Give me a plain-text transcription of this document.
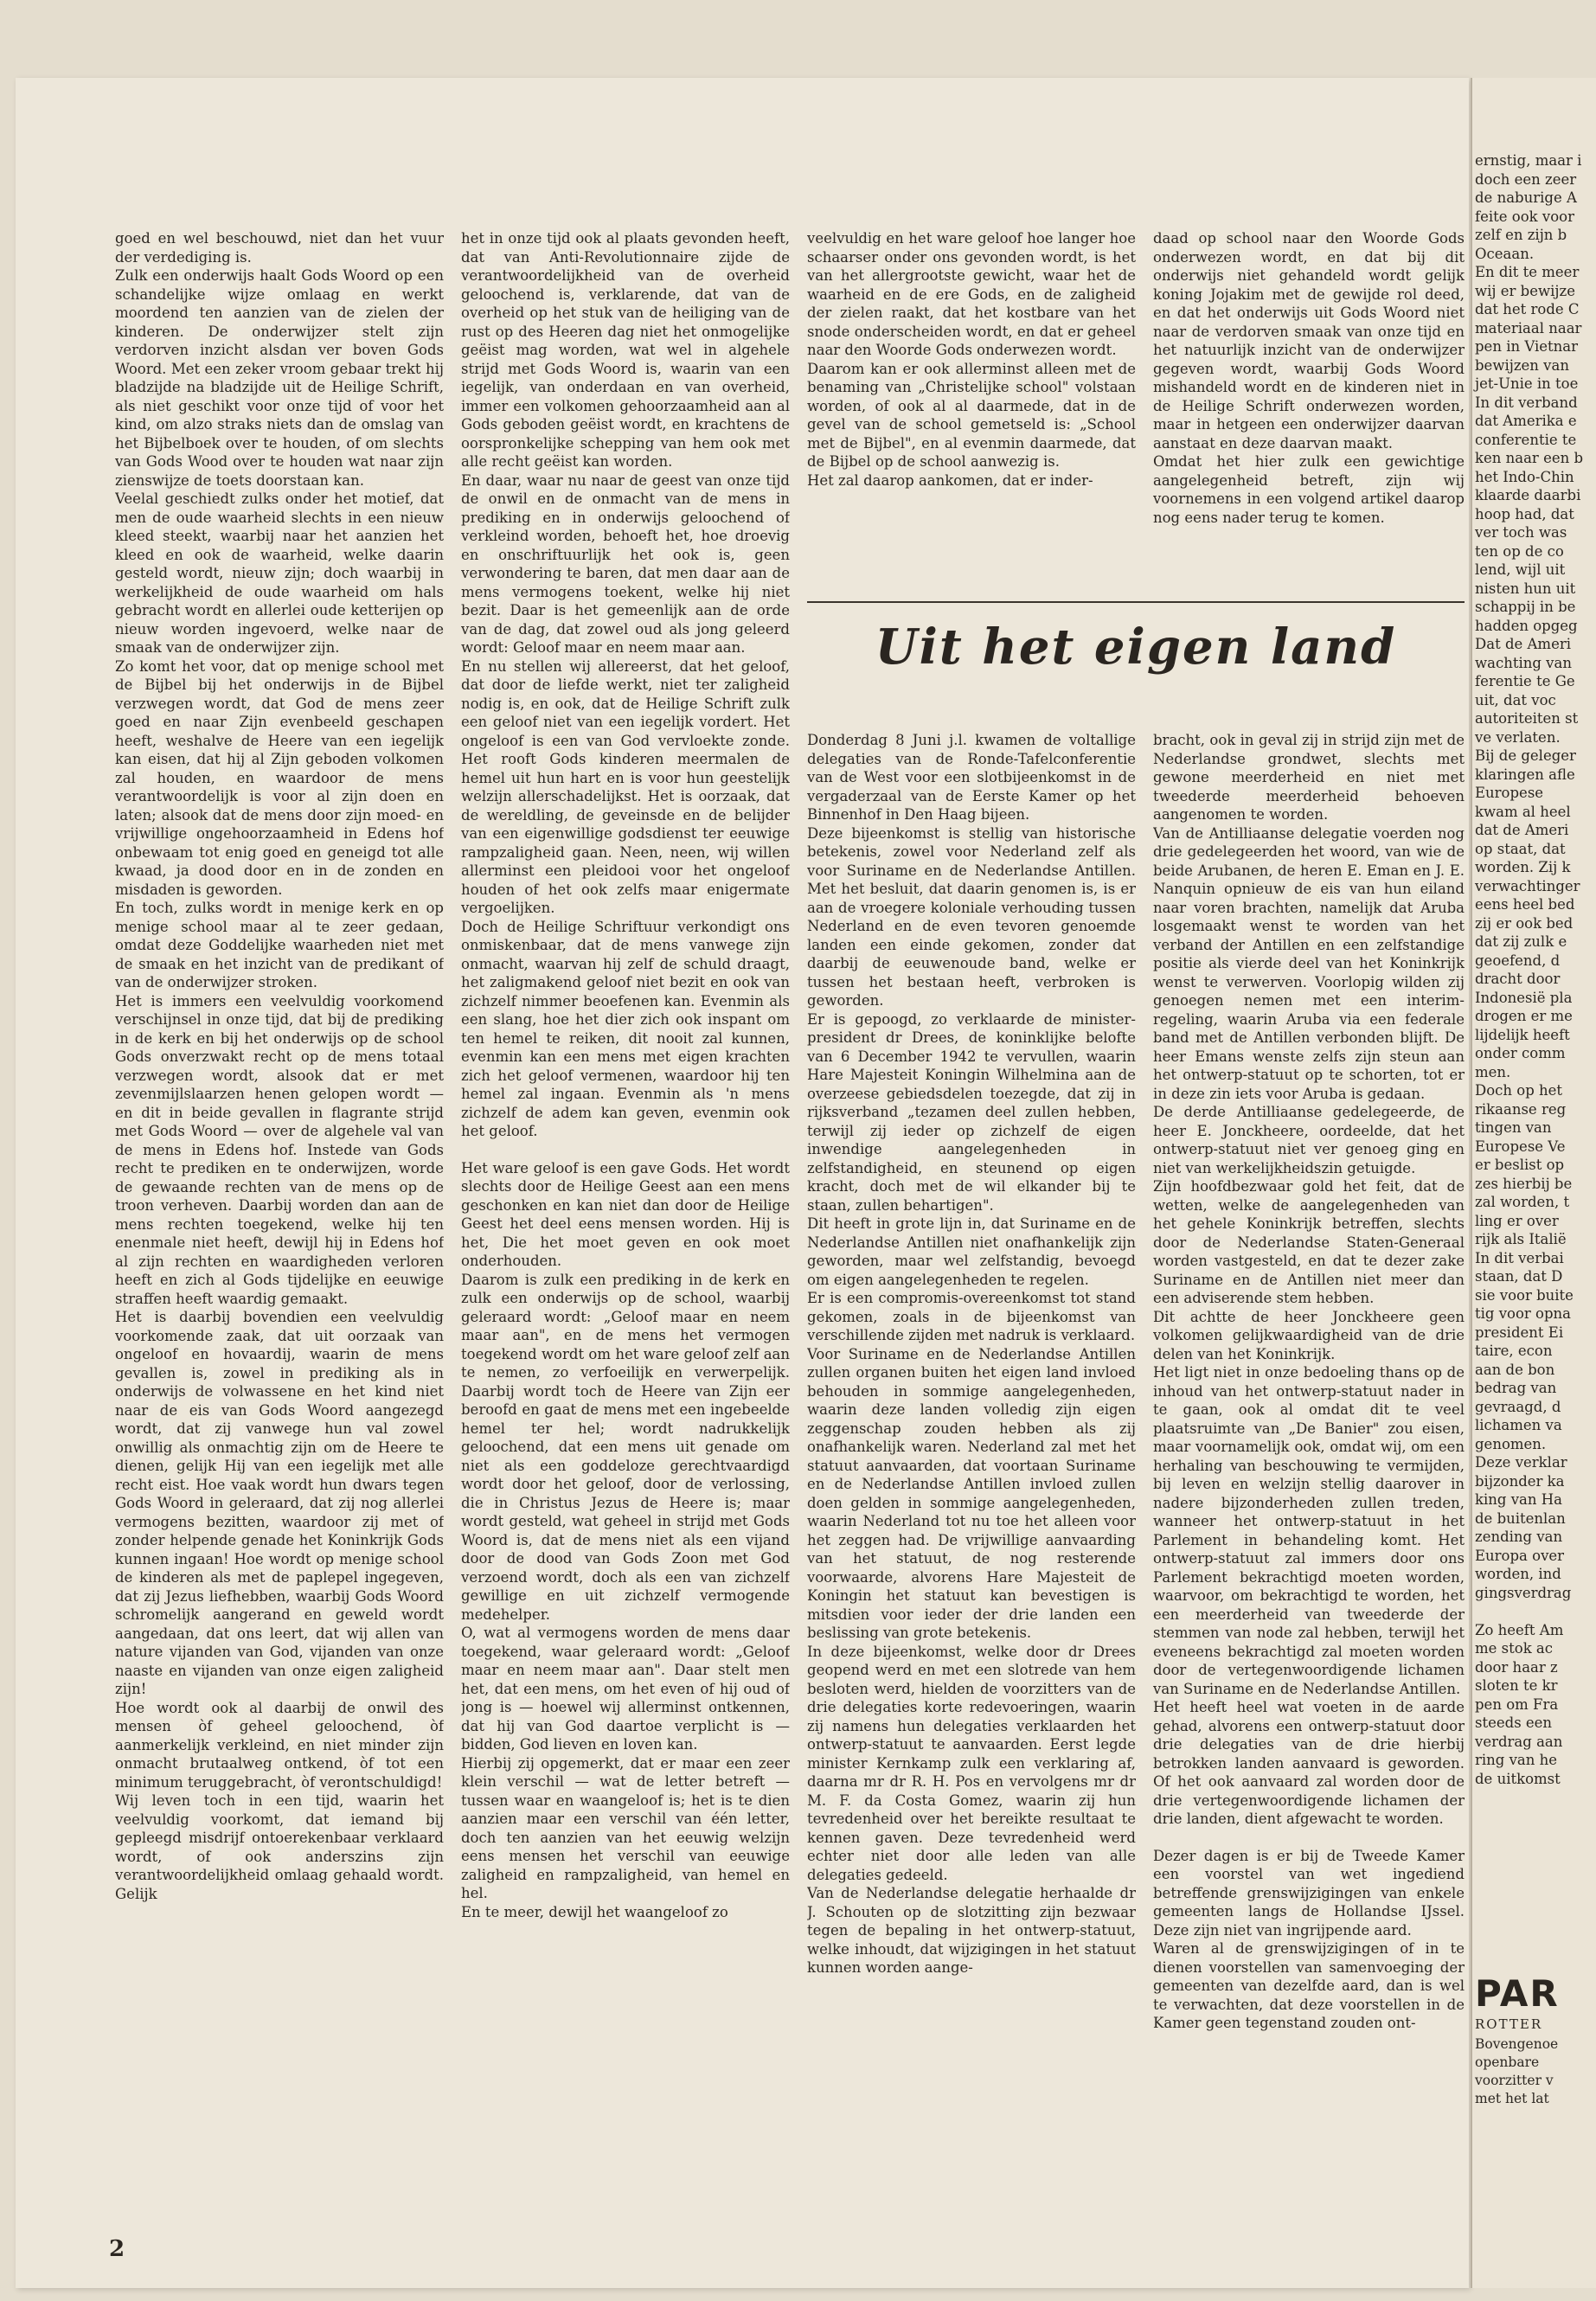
goed en wel beschouwd, niet dan het vuur der verdediging is.

Zulk een onderwijs haalt Gods Woord op een schandelijke wijze omlaag en werkt moordend ten aanzien van de zielen der kinderen. De onderwijzer stelt zijn verdorven inzicht alsdan ver boven Gods Woord. Met een zeker vroom gebaar trekt hij bladzijde na bladzijde uit de Heilige Schrift, als niet geschikt voor onze tijd of voor het kind, om alzo straks niets dan de omslag van het Bijbelboek over te houden, of om slechts van Gods Wood over te houden wat naar zijn zienswijze de toets doorstaan kan.

Veelal geschiedt zulks onder het motief, dat men de oude waarheid slechts in een nieuw kleed steekt, waarbij naar het aanzien het kleed en ook de waarheid, welke daarin gesteld wordt, nieuw zijn; doch waarbij in werkelijkheid de oude waarheid om hals gebracht wordt en allerlei oude ketterijen op nieuw worden ingevoerd, welke naar de smaak van de onderwijzer zijn.

Zo komt het voor, dat op menige school met de Bijbel bij het onderwijs in de Bijbel verzwegen wordt, dat God de mens zeer goed en naar Zijn evenbeeld geschapen heeft, weshalve de Heere van een iegelijk kan eisen, dat hij al Zijn geboden volkomen zal houden, en waardoor de mens verantwoordelijk is voor al zijn doen en laten; alsook dat de mens door zijn moed- en vrijwillige ongehoorzaamheid in Edens hof onbewaam tot enig goed en geneigd tot alle kwaad, ja dood door en in de zonden en misdaden is geworden.

En toch, zulks wordt in menige kerk en op menige school maar al te zeer gedaan, omdat deze Goddelijke waarheden niet met de smaak en het inzicht van de predikant of van de onderwijzer stroken.

Het is immers een veelvuldig voorkomend verschijnsel in onze tijd, dat bij de prediking in de kerk en bij het onderwijs op de school Gods onverzwakt recht op de mens totaal verzwegen wordt, alsook dat er met zevenmijlslaarzen henen gelopen wordt — en dit in beide gevallen in flagrante strijd met Gods Woord — over de algehele val van de mens in Edens hof. Instede van Gods recht te prediken en te onderwijzen, worde de gewaande rechten van de mens op de troon verheven. Daarbij worden dan aan de mens rechten toegekend, welke hij ten enenmale niet heeft, dewijl hij in Edens hof al zijn rechten en waardigheden verloren heeft en zich al Gods tijdelijke en eeuwige straffen heeft waardig gemaakt.

Het is daarbij bovendien een veelvuldig voorkomende zaak, dat uit oorzaak van ongeloof en hovaardij, waarin de mens gevallen is, zowel in prediking als in onderwijs de volwassene en het kind niet naar de eis van Gods Woord aangezegd wordt, dat zij vanwege hun val zowel onwillig als onmachtig zijn om de Heere te dienen, gelijk Hij van een iegelijk met alle recht eist. Hoe vaak wordt hun dwars tegen Gods Woord in geleraard, dat zij nog allerlei vermogens bezitten, waardoor zij met of zonder helpende genade het Koninkrijk Gods kunnen ingaan! Hoe wordt op menige school de kinderen als met de paplepel ingegeven, dat zij Jezus liefhebben, waarbij Gods Woord schromelijk aangerand en geweld wordt aangedaan, dat ons leert, dat wij allen van nature vijanden van God, vijanden van onze naaste en vijanden van onze eigen zaligheid zijn!

Hoe wordt ook al daarbij de onwil des mensen òf geheel geloochend, òf aanmerkelijk verkleind, en niet minder zijn onmacht brutaalweg ontkend, òf tot een minimum teruggebracht, òf verontschuldigd!

Wij leven toch in een tijd, waarin het veelvuldig voorkomt, dat iemand bij gepleegd misdrijf ontoerekenbaar verklaard wordt, of ook anderszins zijn verantwoordelijkheid omlaag gehaald wordt. Gelijk

het in onze tijd ook al plaats gevonden heeft, dat van Anti-Revolutionnaire zijde de verantwoordelijkheid van de overheid geloochend is, verklarende, dat van de overheid op het stuk van de heiliging van de rust op des Heeren dag niet het onmogelijke geëist mag worden, wat wel in algehele strijd met Gods Woord is, waarin van een iegelijk, van onderdaan en van overheid, immer een volkomen gehoorzaamheid aan al Gods geboden geëist wordt, en krachtens de oorspronkelijke schepping van hem ook met alle recht geëist kan worden.

En daar, waar nu naar de geest van onze tijd de onwil en de onmacht van de mens in prediking en in onderwijs geloochend of verkleind worden, behoeft het, hoe droevig en onschriftuurlijk het ook is, geen verwondering te baren, dat men daar aan de mens vermogens toekent, welke hij niet bezit. Daar is het gemeenlijk aan de orde van de dag, dat zowel oud als jong geleerd wordt: Geloof maar en neem maar aan.

En nu stellen wij allereerst, dat het geloof, dat door de liefde werkt, niet ter zaligheid nodig is, en ook, dat de Heilige Schrift zulk een geloof niet van een iegelijk vordert. Het ongeloof is een van God vervloekte zonde. Het rooft Gods kinderen meermalen de hemel uit hun hart en is voor hun geestelijk welzijn allerschadelijkst. Het is oorzaak, dat de wereldling, de geveinsde en de belijder van een eigenwillige godsdienst ter eeuwige rampzaligheid gaan. Neen, neen, wij willen allerminst een pleidooi voor het ongeloof houden of het ook zelfs maar enigermate vergoelijken.

Doch de Heilige Schriftuur verkondigt ons onmiskenbaar, dat de mens vanwege zijn onmacht, waarvan hij zelf de schuld draagt, het zaligmakend geloof niet bezit en ook van zichzelf nimmer beoefenen kan. Evenmin als een slang, hoe het dier zich ook inspant om ten hemel te reiken, dit nooit zal kunnen, evenmin kan een mens met eigen krachten zich het geloof vermenen, waardoor hij ten hemel zal ingaan. Evenmin als 'n mens zichzelf de adem kan geven, evenmin ook het geloof.

Het ware geloof is een gave Gods. Het wordt slechts door de Heilige Geest aan een mens geschonken en kan niet dan door de Heilige Geest het deel eens mensen worden. Hij is het, Die het moet geven en ook moet onderhouden.

Daarom is zulk een prediking in de kerk en zulk een onderwijs op de school, waarbij geleraard wordt: „Geloof maar en neem maar aan", en de mens het vermogen toegekend wordt om het ware geloof zelf aan te nemen, zo verfoeilijk en verwerpelijk. Daarbij wordt toch de Heere van Zijn eer beroofd en gaat de mens met een ingebeelde hemel ter hel; wordt nadrukkelijk geloochend, dat een mens uit genade om niet als een goddeloze gerechtvaardigd wordt door het geloof, door de verlossing, die in Christus Jezus de Heere is; maar wordt gesteld, wat geheel in strijd met Gods Woord is, dat de mens niet als een vijand door de dood van Gods Zoon met God verzoend wordt, doch als een van zichzelf gewillige en uit zichzelf vermogende medehelper.

O, wat al vermogens worden de mens daar toegekend, waar geleraard wordt: „Geloof maar en neem maar aan". Daar stelt men het, dat een mens, om het even of hij oud of jong is — hoewel wij allerminst ontkennen, dat hij van God daartoe verplicht is — bidden, God lieven en loven kan.

Hierbij zij opgemerkt, dat er maar een zeer klein verschil — wat de letter betreft — tussen waar en waangeloof is; het is te dien aanzien maar een verschil van één letter, doch ten aanzien van het eeuwig welzijn eens mensen het verschil van eeuwige zaligheid en rampzaligheid, van hemel en hel.

En te meer, dewijl het waangeloof zo

veelvuldig en het ware geloof hoe langer hoe schaarser onder ons gevonden wordt, is het van het allergrootste gewicht, waar het de waarheid en de ere Gods, en de zaligheid der zielen raakt, dat het kostbare van het snode onderscheiden wordt, en dat er geheel naar den Woorde Gods onderwezen wordt.

Daarom kan er ook allerminst alleen met de benaming van „Christelijke school" volstaan worden, of ook al al daarmede, dat in de gevel van de school gemetseld is: „School met de Bijbel", en al evenmin daarmede, dat de Bijbel op de school aanwezig is.

Het zal daarop aankomen, dat er inder-

daad op school naar den Woorde Gods onderwezen wordt, en dat bij dit onderwijs niet gehandeld wordt gelijk koning Jojakim met de gewijde rol deed, en dat het onderwijs uit Gods Woord niet naar de verdorven smaak van onze tijd en het natuurlijk inzicht van de onderwijzer gegeven wordt, waarbij Gods Woord mishandeld wordt en de kinderen niet in de Heilige Schrift onderwezen worden, maar in hetgeen een onderwijzer daarvan aanstaat en deze daarvan maakt.

Omdat het hier zulk een gewichtige aangelegenheid betreft, zijn wij voornemens in een volgend artikel daarop nog eens nader terug te komen.

Uit het eigen land

Donderdag 8 Juni j.l. kwamen de voltallige delegaties van de Ronde-Tafelconferentie van de West voor een slotbijeenkomst in de vergaderzaal van de Eerste Kamer op het Binnenhof in Den Haag bijeen.

Deze bijeenkomst is stellig van historische betekenis, zowel voor Nederland zelf als voor Suriname en de Nederlandse Antillen. Met het besluit, dat daarin genomen is, is er aan de vroegere koloniale verhouding tussen Nederland en de even tevoren genoemde landen een einde gekomen, zonder dat daarbij de eeuwenoude band, welke er tussen het bestaan heeft, verbroken is geworden.

Er is gepoogd, zo verklaarde de minister-president dr Drees, de koninklijke belofte van 6 December 1942 te vervullen, waarin Hare Majesteit Koningin Wilhelmina aan de overzeese gebiedsdelen toezegde, dat zij in rijksverband „tezamen deel zullen hebben, terwijl zij ieder op zichzelf de eigen inwendige aangelegenheden in zelfstandigheid, en steunend op eigen kracht, doch met de wil elkander bij te staan, zullen behartigen".

Dit heeft in grote lijn in, dat Suriname en de Nederlandse Antillen niet onafhankelijk zijn geworden, maar wel zelfstandig, bevoegd om eigen aangelegenheden te regelen.

Er is een compromis-overeenkomst tot stand gekomen, zoals in de bijeenkomst van verschillende zijden met nadruk is verklaard.

Voor Suriname en de Nederlandse Antillen zullen organen buiten het eigen land invloed behouden in sommige aangelegenheden, waarin deze landen volledig zijn eigen zeggenschap zouden hebben als zij onafhankelijk waren. Nederland zal met het statuut aanvaarden, dat voortaan Suriname en de Nederlandse Antillen invloed zullen doen gelden in sommige aangelegenheden, waarin Nederland tot nu toe het alleen voor het zeggen had. De vrijwillige aanvaarding van het statuut, de nog resterende voorwaarde, alvorens Hare Majesteit de Koningin het statuut kan bevestigen is mitsdien voor ieder der drie landen een beslissing van grote betekenis.

In deze bijeenkomst, welke door dr Drees geopend werd en met een slotrede van hem besloten werd, hielden de voorzitters van de drie delegaties korte redevoeringen, waarin zij namens hun delegaties verklaarden het ontwerp-statuut te aanvaarden. Eerst legde minister Kernkamp zulk een verklaring af, daarna mr dr R. H. Pos en vervolgens mr dr M. F. da Costa Gomez, waarin zij hun tevredenheid over het bereikte resultaat te kennen gaven. Deze tevredenheid werd echter niet door alle leden van alle delegaties gedeeld.

Van de Nederlandse delegatie herhaalde dr J. Schouten op de slotzitting zijn bezwaar tegen de bepaling in het ontwerp-statuut, welke inhoudt, dat wijzigingen in het statuut kunnen worden aange-

bracht, ook in geval zij in strijd zijn met de Nederlandse grondwet, slechts met gewone meerderheid en niet met tweederde meerderheid behoeven aangenomen te worden.

Van de Antilliaanse delegatie voerden nog drie gedelegeerden het woord, van wie de beide Arubanen, de heren E. Eman en J. E. Nanquin opnieuw de eis van hun eiland naar voren brachten, namelijk dat Aruba losgemaakt wenst te worden van het verband der Antillen en een zelfstandige positie als vierde deel van het Koninkrijk wenst te verwerven. Voorlopig wilden zij genoegen nemen met een interim-regeling, waarin Aruba via een federale band met de Antillen verbonden blijft. De heer Emans wenste zelfs zijn steun aan het ontwerp-statuut op te schorten, tot er in deze zin iets voor Aruba is gedaan.

De derde Antilliaanse gedelegeerde, de heer E. Jonckheere, oordeelde, dat het ontwerp-statuut niet ver genoeg ging en niet van werkelijkheidszin getuigde.

Zijn hoofdbezwaar gold het feit, dat de wetten, welke de aangelegenheden van het gehele Koninkrijk betreffen, slechts door de Nederlandse Staten-Generaal worden vastgesteld, en dat te dezer zake Suriname en de Antillen niet meer dan een adviserende stem hebben.

Dit achtte de heer Jonckheere geen volkomen gelijkwaardigheid van de drie delen van het Koninkrijk.

Het ligt niet in onze bedoeling thans op de inhoud van het ontwerp-statuut nader in te gaan, ook al omdat dit te veel plaatsruimte van „De Banier" zou eisen, maar voornamelijk ook, omdat wij, om een herhaling van beschouwing te vermijden, bij leven en welzijn stellig daarover in nadere bijzonderheden zullen treden, wanneer het ontwerp-statuut in het Parlement in behandeling komt. Het ontwerp-statuut zal immers door ons Parlement bekrachtigd moeten worden, waarvoor, om bekrachtigd te worden, het een meerderheid van tweederde der stemmen van node zal hebben, terwijl het eveneens bekrachtigd zal moeten worden door de vertegenwoordigende lichamen van Suriname en de Nederlandse Antillen.

Het heeft heel wat voeten in de aarde gehad, alvorens een ontwerp-statuut door drie delegaties van de drie hierbij betrokken landen aanvaard is geworden. Of het ook aanvaard zal worden door de drie vertegenwoordigende lichamen der drie landen, dient afgewacht te worden.

Dezer dagen is er bij de Tweede Kamer een voorstel van wet ingediend betreffende grenswijzigingen van enkele gemeenten langs de Hollandse IJssel. Deze zijn niet van ingrijpende aard.

Waren al de grenswijzigingen of in te dienen voorstellen van samenvoeging der gemeenten van dezelfde aard, dan is wel te verwachten, dat deze voorstellen in de Kamer geen tegenstand zouden ont-

2
ernstig, maar i
doch een zeer
de naburige A
feite ook voor
zelf en zijn b
Oceaan.
En dit te meer
wij er bewijze
dat het rode C
materiaal naar
pen in Vietnar
bewijzen van
jet-Unie in toe
In dit verband
dat Amerika e
conferentie te
ken naar een b
het Indo-Chin
klaarde daarbi
hoop had, dat
ver toch was
ten op de co
lend, wijl uit
nisten hun uit
schappij in be
hadden opgeg
Dat de Ameri
wachting van
ferentie te Ge
uit, dat voc
autoriteiten st
ve verlaten.
Bij de geleger
klaringen afle
Europese
kwam al heel
dat de Ameri
op staat, dat
worden. Zij k
verwachtinger
eens heel bed
zij er ook bed
dat zij zulk e
geoefend, d
dracht door
Indonesië pla
drogen er me
lijdelijk heeft
onder comm
men.
Doch op het
rikaanse reg
tingen van
Europese Ve
er beslist op
zes hierbij be
zal worden, t
ling er over
rijk als Italië
In dit verbai
staan, dat D
sie voor buite
tig voor opna
president Ei
taire, econ
aan de bon
bedrag van
gevraagd, d
lichamen va
genomen.
Deze verklar
bijzonder ka
king van Ha
de buitenlan
zending van
Europa over
worden, ind
gingsverdrag

Zo heeft Am
me stok ac
door haar z
sloten te kr
pen om Fra
steeds een
verdrag aan
ring van he
de uitkomst
PAR
ROTTER
Bovengenoe
openbare
voorzitter v
met het lat
